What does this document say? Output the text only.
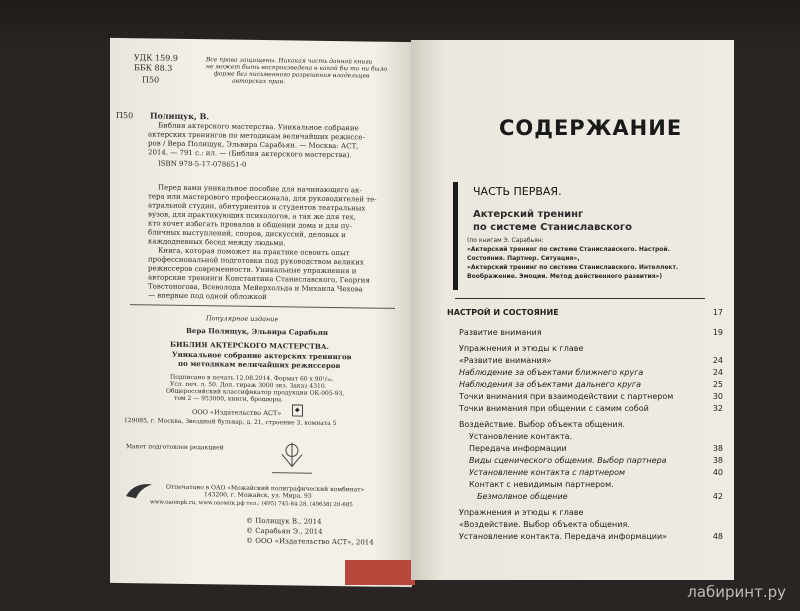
УДК 159.9
ББК 88.3
П50
Все права защищены. Никакая часть данной книги
не может быть воспроизведена в какой бы то ни было
форме без письменного разрешения владельцев
авторских прав.
П50 Полищук, В.
Библия актерского мастерства. Уникальное собрание
актерских тренингов по методикам величайших режиссе-
ров / Вера Полищук, Эльвира Сарабьян. — Москва: АСТ,
2014. — 791 с.: ил. — (Библия актерского мастерства).
ISBN 978-5-17-078651-0
Перед вами уникальное пособие для начинающего ак-
тера или мастерового профессионала, для руководителей те-
атральной студии, абитуриентов и студентов театральных
вузов, для практикующих психологов, а так же для тех,
кто хочет избегать провалов в общении дома и для пу-
бличных выступлений, споров, дискуссий, деловых и
каждодневных бесед между людьми.
Книга, которая поможет на практике освоить опыт
профессиональной подготовки под руководством великих
режиссеров современности. Уникальные упражнения и
авторские тренинги Константина Станиславского, Георгия
Товстоногова, Всеволода Мейерхольда и Михаила Чехова
— впервые под одной обложкой
Популярное издание
Вера Полищук, Эльвира Сарабьян
БИБЛИЯ АКТЕРСКОГО МАСТЕРСТВА.
Уникальное собрание актерских тренингов
по методикам величайших режиссеров
Подписано в печать 12.08.2014. Формат 60 x 90¹/₁₆.
Усл. печ. л. 50. Доп. тираж 3000 экз. Заказ 4310.
Общероссийский классификатор продукции ОК-005-93,
том 2 — 953000, книги, брошюры.
ООО «Издательство АСТ»
129085, г. Москва, Звездный бульвар, д. 21, строение 3, комната 5
◆
Макет подготовлен редакцией
Отпечатано в ОАО «Можайский полиграфический комбинат»
143200, г. Можайск, ул. Мира, 93
www.oaompk.ru, www.oaoмпк.рф тел.: (495) 745-84-28, (49638) 20-685
© Полищук В., 2014
© Сарабьян Э., 2014
© ООО «Издательство АСТ», 2014
СОДЕРЖАНИЕ
ЧАСТЬ ПЕРВАЯ.
Актерский тренинг
по системе Станиславского
(по книгам Э. Сарабьян:
«Актерский тренинг по системе Станиславского. Настрой.
Состояния. Партнер. Ситуация»,
«Актерский тренинг по системе Станиславского. Интеллект.
Воображение. Эмоции. Метод действенного развития»)
НАСТРОЙ И СОСТОЯНИЕ	17
Развитие внимания	19
Упражнения и этюды к главе
«Развитие внимания»	24
Наблюдение за объектами ближнего круга	24
Наблюдения за объектами дальнего круга	25
Точки внимания при взаимодействии с партнером	30
Точки внимания при общении с самим собой	32
Воздействие. Выбор объекта общения.
Установление контакта.
Передача информации	38
Виды сценического общения. Выбор партнера	38
Установление контакта с партнером	40
Контакт с невидимым партнером.
Безмолвное общение	42
Упражнения и этюды к главе
«Воздействие. Выбор объекта общения.
Установление контакта. Передача информации»	48
лабиринт.ру
